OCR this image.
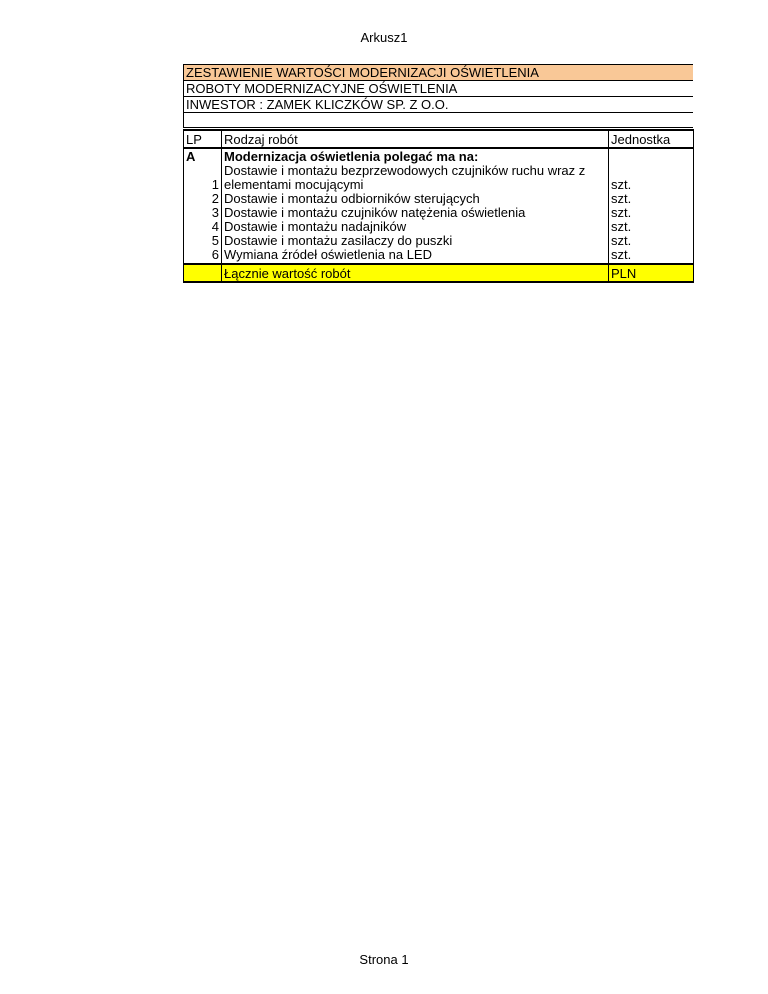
Arkusz1
ZESTAWIENIE WARTOŚCI MODERNIZACJI OŚWIETLENIA
ROBOTY MODERNIZACYJNE OŚWIETLENIA
INWESTOR : ZAMEK KLICZKÓW SP. Z O.O.
LP	Rodzaj robót	Jednostka
A	Modernizacja oświetlenia polegać ma na:	
1	Dostawie i montażu bezprzewodowych czujników ruchu wraz z
elementami mocującymi	szt.
2	Dostawie i montażu odbiorników sterujących	szt.
3	Dostawie i montażu czujników natężenia oświetlenia	szt.
4	Dostawie i montażu nadajników	szt.
5	Dostawie i montażu zasilaczy do puszki	szt.
6	Wymiana źródeł oświetlenia na LED	szt.
	Łącznie wartość robót	PLN
Strona 1
